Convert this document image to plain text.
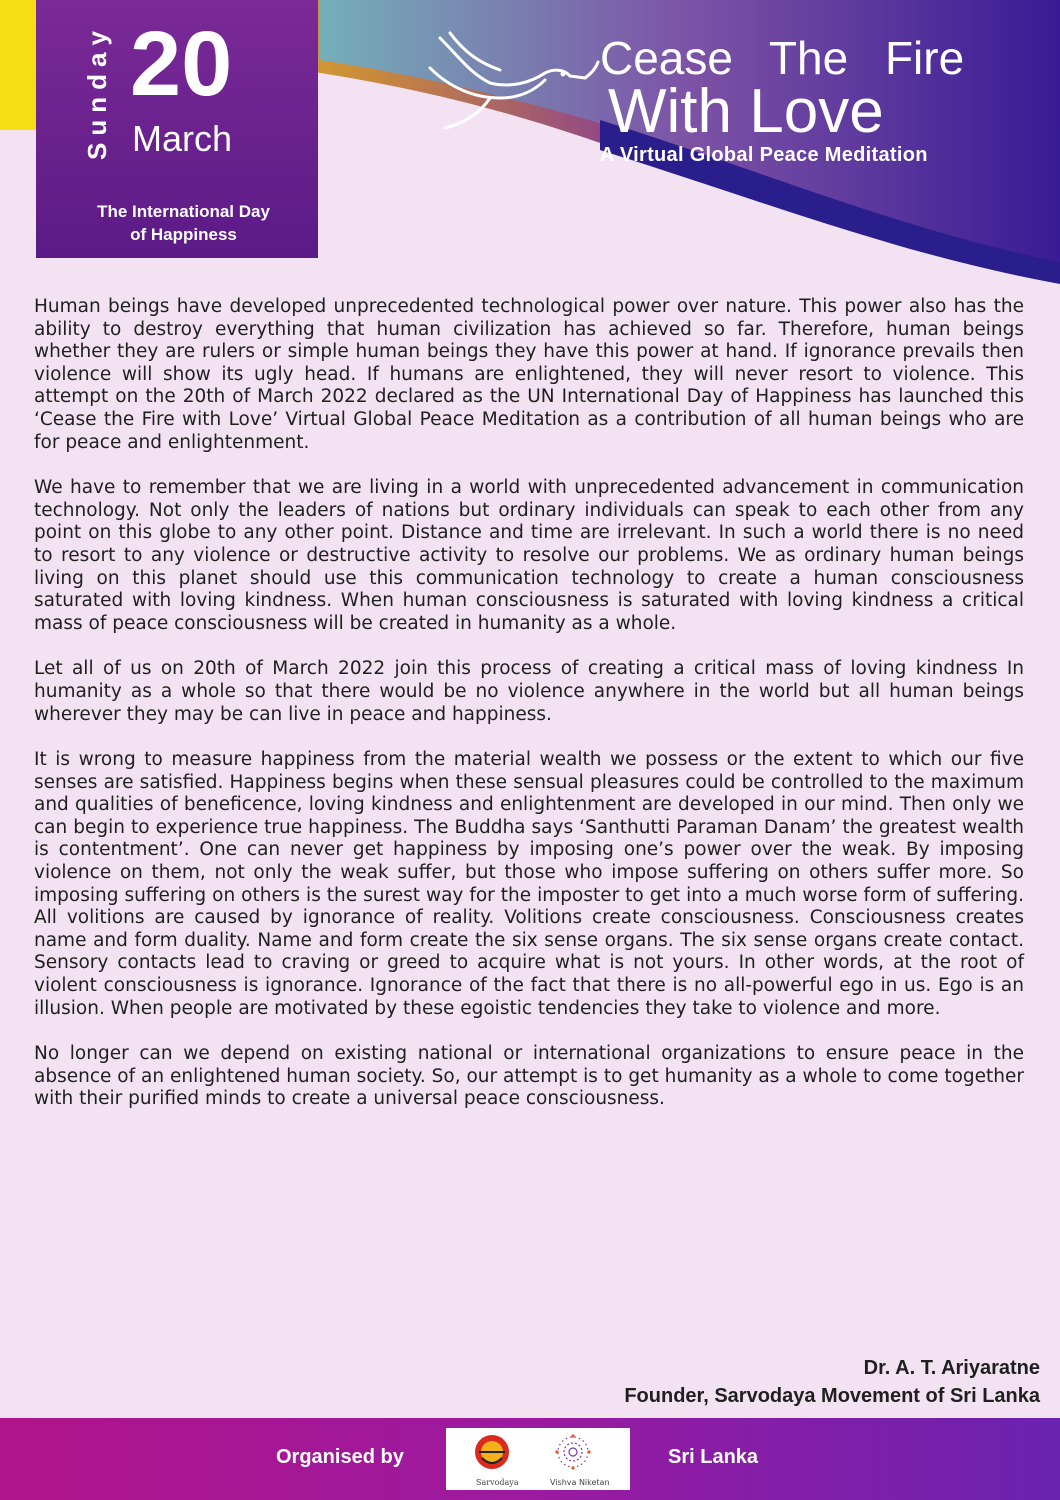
Sunday 20
March
The International Day
of Happiness
Cease The Fire
With Love
A Virtual Global Peace Meditation

Human beings have developed unprecedented technological power over nature. This power also has the ability to destroy everything that human civilization has achieved so far. Therefore, human beings whether they are rulers or simple human beings they have this power at hand. If ignorance prevails then violence will show its ugly head. If humans are enlightened, they will never resort to violence. This attempt on the 20th of March 2022 declared as the UN International Day of Happiness has launched this ‘Cease the Fire with Love’ Virtual Global Peace Meditation as a contribution of all human beings who are for peace and enlightenment.

We have to remember that we are living in a world with unprecedented advancement in communication technology. Not only the leaders of nations but ordinary individuals can speak to each other from any point on this globe to any other point. Distance and time are irrelevant. In such a world there is no need to resort to any violence or destructive activity to resolve our problems. We as ordinary human beings living on this planet should use this communication technology to create a human consciousness saturated with loving kindness. When human consciousness is saturated with loving kindness a critical mass of peace consciousness will be created in humanity as a whole.

Let all of us on 20th of March 2022 join this process of creating a critical mass of loving kindness In humanity as a whole so that there would be no violence anywhere in the world but all human beings wherever they may be can live in peace and happiness.

It is wrong to measure happiness from the material wealth we possess or the extent to which our five senses are satisfied. Happiness begins when these sensual pleasures could be controlled to the maximum and qualities of beneficence, loving kindness and enlightenment are developed in our mind. Then only we can begin to experience true happiness. The Buddha says ‘Santhutti Paraman Danam’ the greatest wealth is contentment’. One can never get happiness by imposing one’s power over the weak. By imposing violence on them, not only the weak suffer, but those who impose suffering on others suffer more. So imposing suffering on others is the surest way for the imposter to get into a much worse form of suffering. All volitions are caused by ignorance of reality. Volitions create consciousness. Consciousness creates name and form duality. Name and form create the six sense organs. The six sense organs create contact. Sensory contacts lead to craving or greed to acquire what is not yours. In other words, at the root of violent consciousness is ignorance. Ignorance of the fact that there is no all-powerful ego in us. Ego is an illusion. When people are motivated by these egoistic tendencies they take to violence and more.

No longer can we depend on existing national or international organizations to ensure peace in the absence of an enlightened human society. So, our attempt is to get humanity as a whole to come together with their purified minds to create a universal peace consciousness.

Dr. A. T. Ariyaratne
Founder, Sarvodaya Movement of Sri Lanka
Organised by
Sarvodaya	Vishva Niketan
Sri Lanka
